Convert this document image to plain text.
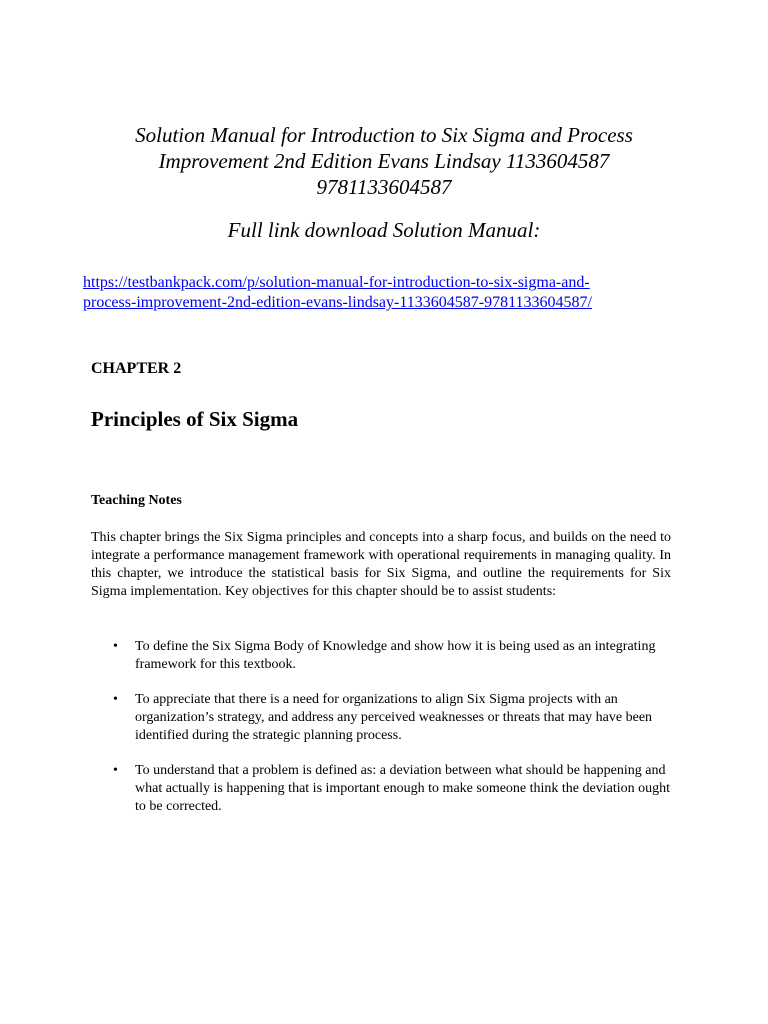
Solution Manual for Introduction to Six Sigma and Process
Improvement 2nd Edition Evans Lindsay 1133604587
9781133604587
Full link download Solution Manual:
https://testbankpack.com/p/solution-manual-for-introduction-to-six-sigma-and-
process-improvement-2nd-edition-evans-lindsay-1133604587-9781133604587/
CHAPTER 2
Principles of Six Sigma
Teaching Notes

This chapter brings the Six Sigma principles and concepts into a sharp focus, and builds on the need to integrate a performance management framework with operational requirements in managing quality. In this chapter, we introduce the statistical basis for Six Sigma, and outline the requirements for Six Sigma implementation. Key objectives for this chapter should be to assist students:

• To define the Six Sigma Body of Knowledge and show how it is being used as an integrating framework for this textbook.
• To appreciate that there is a need for organizations to align Six Sigma projects with an organization’s strategy, and address any perceived weaknesses or threats that may have been identified during the strategic planning process.
• To understand that a problem is defined as: a deviation between what should be happening and what actually is happening that is important enough to make someone think the deviation ought to be corrected.
